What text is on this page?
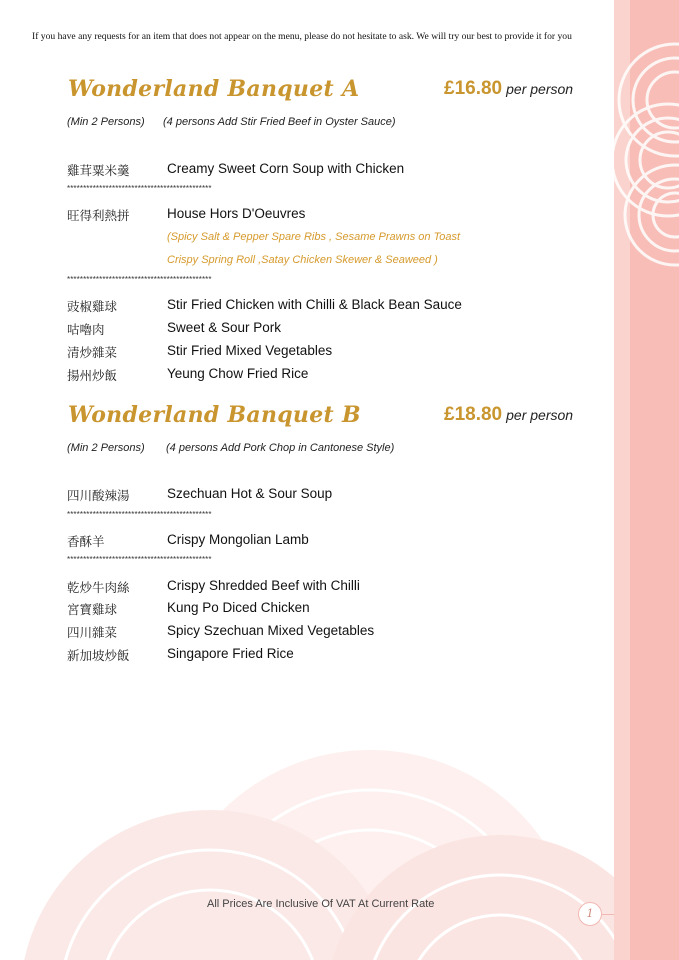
If you have any requests for an item that does not appear on the menu, please do not hesitate to ask. We will try our best to provide it for you
Wonderland Banquet A	£16.80 per person
(Min 2 Persons) (4 persons Add Stir Fried Beef in Oyster Sauce)
雞茸粟米羹	Creamy Sweet Corn Soup with Chicken
*********************************************
旺得利熱拼	House Hors D'Oeuvres
(Spicy Salt & Pepper Spare Ribs , Sesame Prawns on Toast
Crispy Spring Roll ,Satay Chicken Skewer & Seaweed )
*********************************************
豉椒雞球	Stir Fried Chicken with Chilli & Black Bean Sauce
咕嚕肉	Sweet & Sour Pork
清炒雜菜	Stir Fried Mixed Vegetables
揚州炒飯	Yeung Chow Fried Rice
Wonderland Banquet B	£18.80 per person
(Min 2 Persons) (4 persons Add Pork Chop in Cantonese Style)
四川酸辣湯	Szechuan Hot & Sour Soup
*********************************************
香酥羊	Crispy Mongolian Lamb
*********************************************
乾炒牛肉絲	Crispy Shredded Beef with Chilli
宮寶雞球	Kung Po Diced Chicken
四川雜菜	Spicy Szechuan Mixed Vegetables
新加坡炒飯	Singapore Fried Rice
All Prices Are Inclusive Of VAT At Current Rate
1
